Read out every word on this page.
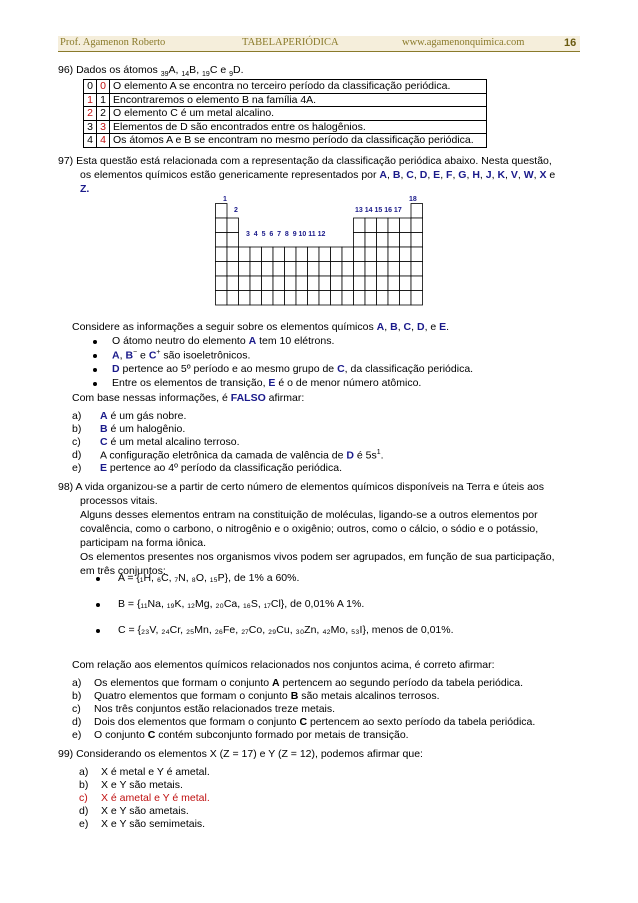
Prof. Agamenon Roberto	TABELAPERIÓDICA	www.agamenonquimica.com	16
96) Dados os átomos $_{39}$A, $_{14}$B, $_{19}$C e $_9$D.
0	0	O elemento A se encontra no terceiro período da classificação periódica.
1	1	Encontraremos o elemento B na família 4A.
2	2	O elemento C é um metal alcalino.
3	3	Elementos de D são encontrados entre os halogênios.
4	4	Os átomos A e B se encontram no mesmo período da classificação periódica.
97) Esta questão está relacionada com a representação da classificação periódica abaixo. Nesta questão,
os elementos químicos estão genericamente representados por A, B, C, D, E, F, G, H, J, K, V, W, X e
Z.
1
2
18
13 14 15 16 17
3  4  5  6  7  8  9 10 11 12
Considere as informações a seguir sobre os elementos químicos A, B, C, D, e E.
O átomo neutro do elemento A tem 10 elétrons.
A, B− e C+ são isoeletrônicos.
D pertence ao 5º período e ao mesmo grupo de C, da classificação periódica.
Entre os elementos de transição, E é o de menor número atômico.
Com base nessas informações, é FALSO afirmar:
a) A é um gás nobre.
b) B é um halogênio.
c) C é um metal alcalino terroso.
d) A configuração eletrônica da camada de valência de D é $5s^1$.
e) E pertence ao 4º período da classificação periódica.
98) A vida organizou-se a partir de certo número de elementos químicos disponíveis na Terra e úteis aos
processos vitais.
Alguns desses elementos entram na constituição de moléculas, ligando-se a outros elementos por
covalência, como o carbono, o nitrogênio e o oxigênio; outros, como o cálcio, o sódio e o potássio,
participam na forma iônica.
Os elementos presentes nos organismos vivos podem ser agrupados, em função de sua participação,
em três conjuntos:
A = {₁H, ₆C, ₇N, ₈O, ₁₅P}, de 1% a 60%.
B = {₁₁Na, ₁₉K, ₁₂Mg, ₂₀Ca, ₁₆S, ₁₇Cl}, de 0,01% A 1%.
C = {₂₃V, ₂₄Cr, ₂₅Mn, ₂₆Fe, ₂₇Co, ₂₉Cu, ₃₀Zn, ₄₂Mo, ₅₃I}, menos de 0,01%.
Com relação aos elementos químicos relacionados nos conjuntos acima, é correto afirmar:
a) Os elementos que formam o conjunto A pertencem ao segundo período da tabela periódica.
b) Quatro elementos que formam o conjunto B são metais alcalinos terrosos.
c) Nos três conjuntos estão relacionados treze metais.
d) Dois dos elementos que formam o conjunto C pertencem ao sexto período da tabela periódica.
e) O conjunto C contém subconjunto formado por metais de transição.
99) Considerando os elementos X (Z = 17) e Y (Z = 12), podemos afirmar que:
a) X é metal e Y é ametal.
b) X e Y são metais.
c) X é ametal e Y é metal.
d) X e Y são ametais.
e) X e Y são semimetais.
